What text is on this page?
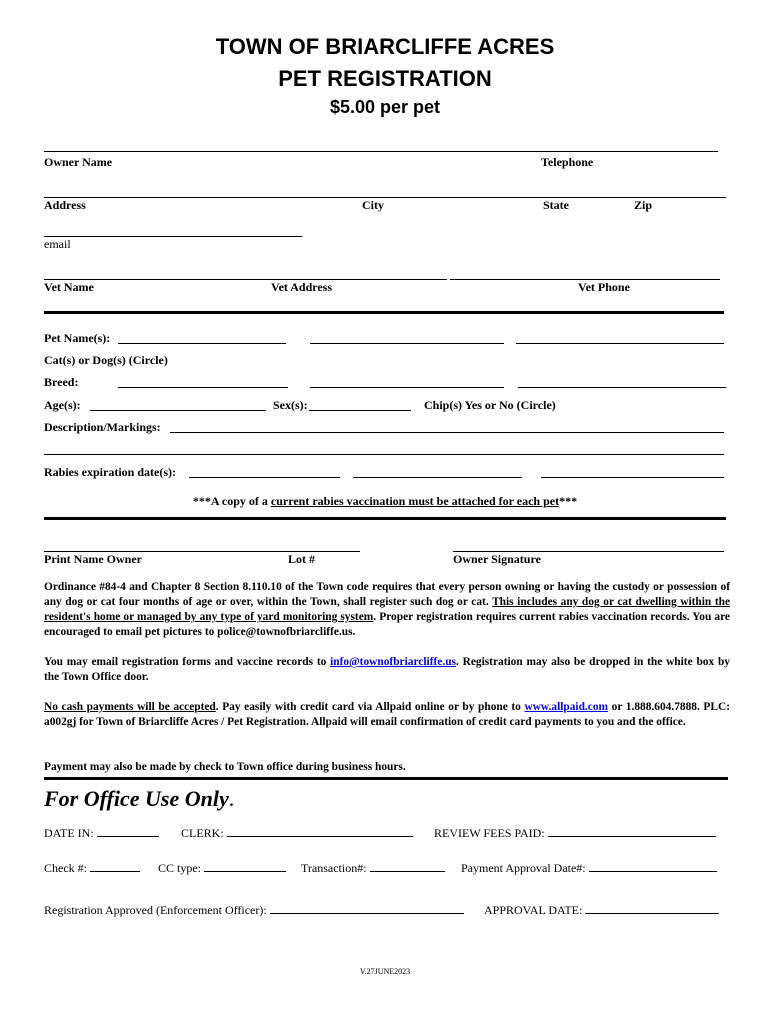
TOWN OF BRIARCLIFFE ACRES
PET REGISTRATION
$5.00 per pet
Owner Name	Telephone
Address	City	State	Zip
email
Vet Name	Vet Address	Vet Phone
Pet Name(s):
Cat(s) or Dog(s) (Circle)
Breed:
Age(s):	Sex(s):	Chip(s) Yes or No (Circle)
Description/Markings:
Rabies expiration date(s):
***A copy of a current rabies vaccination must be attached for each pet***
Print Name Owner	Lot #	Owner Signature
Ordinance #84-4 and Chapter 8 Section 8.110.10 of the Town code requires that every person owning or having the custody or possession of any dog or cat four months of age or over, within the Town, shall register such dog or cat. This includes any dog or cat dwelling within the resident's home or managed by any type of yard monitoring system. Proper registration requires current rabies vaccination records. You are encouraged to email pet pictures to police@townofbriarcliffe.us.
You may email registration forms and vaccine records to info@townofbriarcliffe.us. Registration may also be dropped in the white box by the Town Office door.
No cash payments will be accepted. Pay easily with credit card via Allpaid online or by phone to www.allpaid.com or 1.888.604.7888. PLC: a002gj for Town of Briarcliffe Acres / Pet Registration. Allpaid will email confirmation of credit card payments to you and the office.
Payment may also be made by check to Town office during business hours.
For Office Use Only.
DATE IN:	CLERK:	REVIEW FEES PAID:
Check #:	CC type:	Transaction#:	Payment Approval Date#:
Registration Approved (Enforcement Officer):	APPROVAL DATE:
V.27JUNE2023
